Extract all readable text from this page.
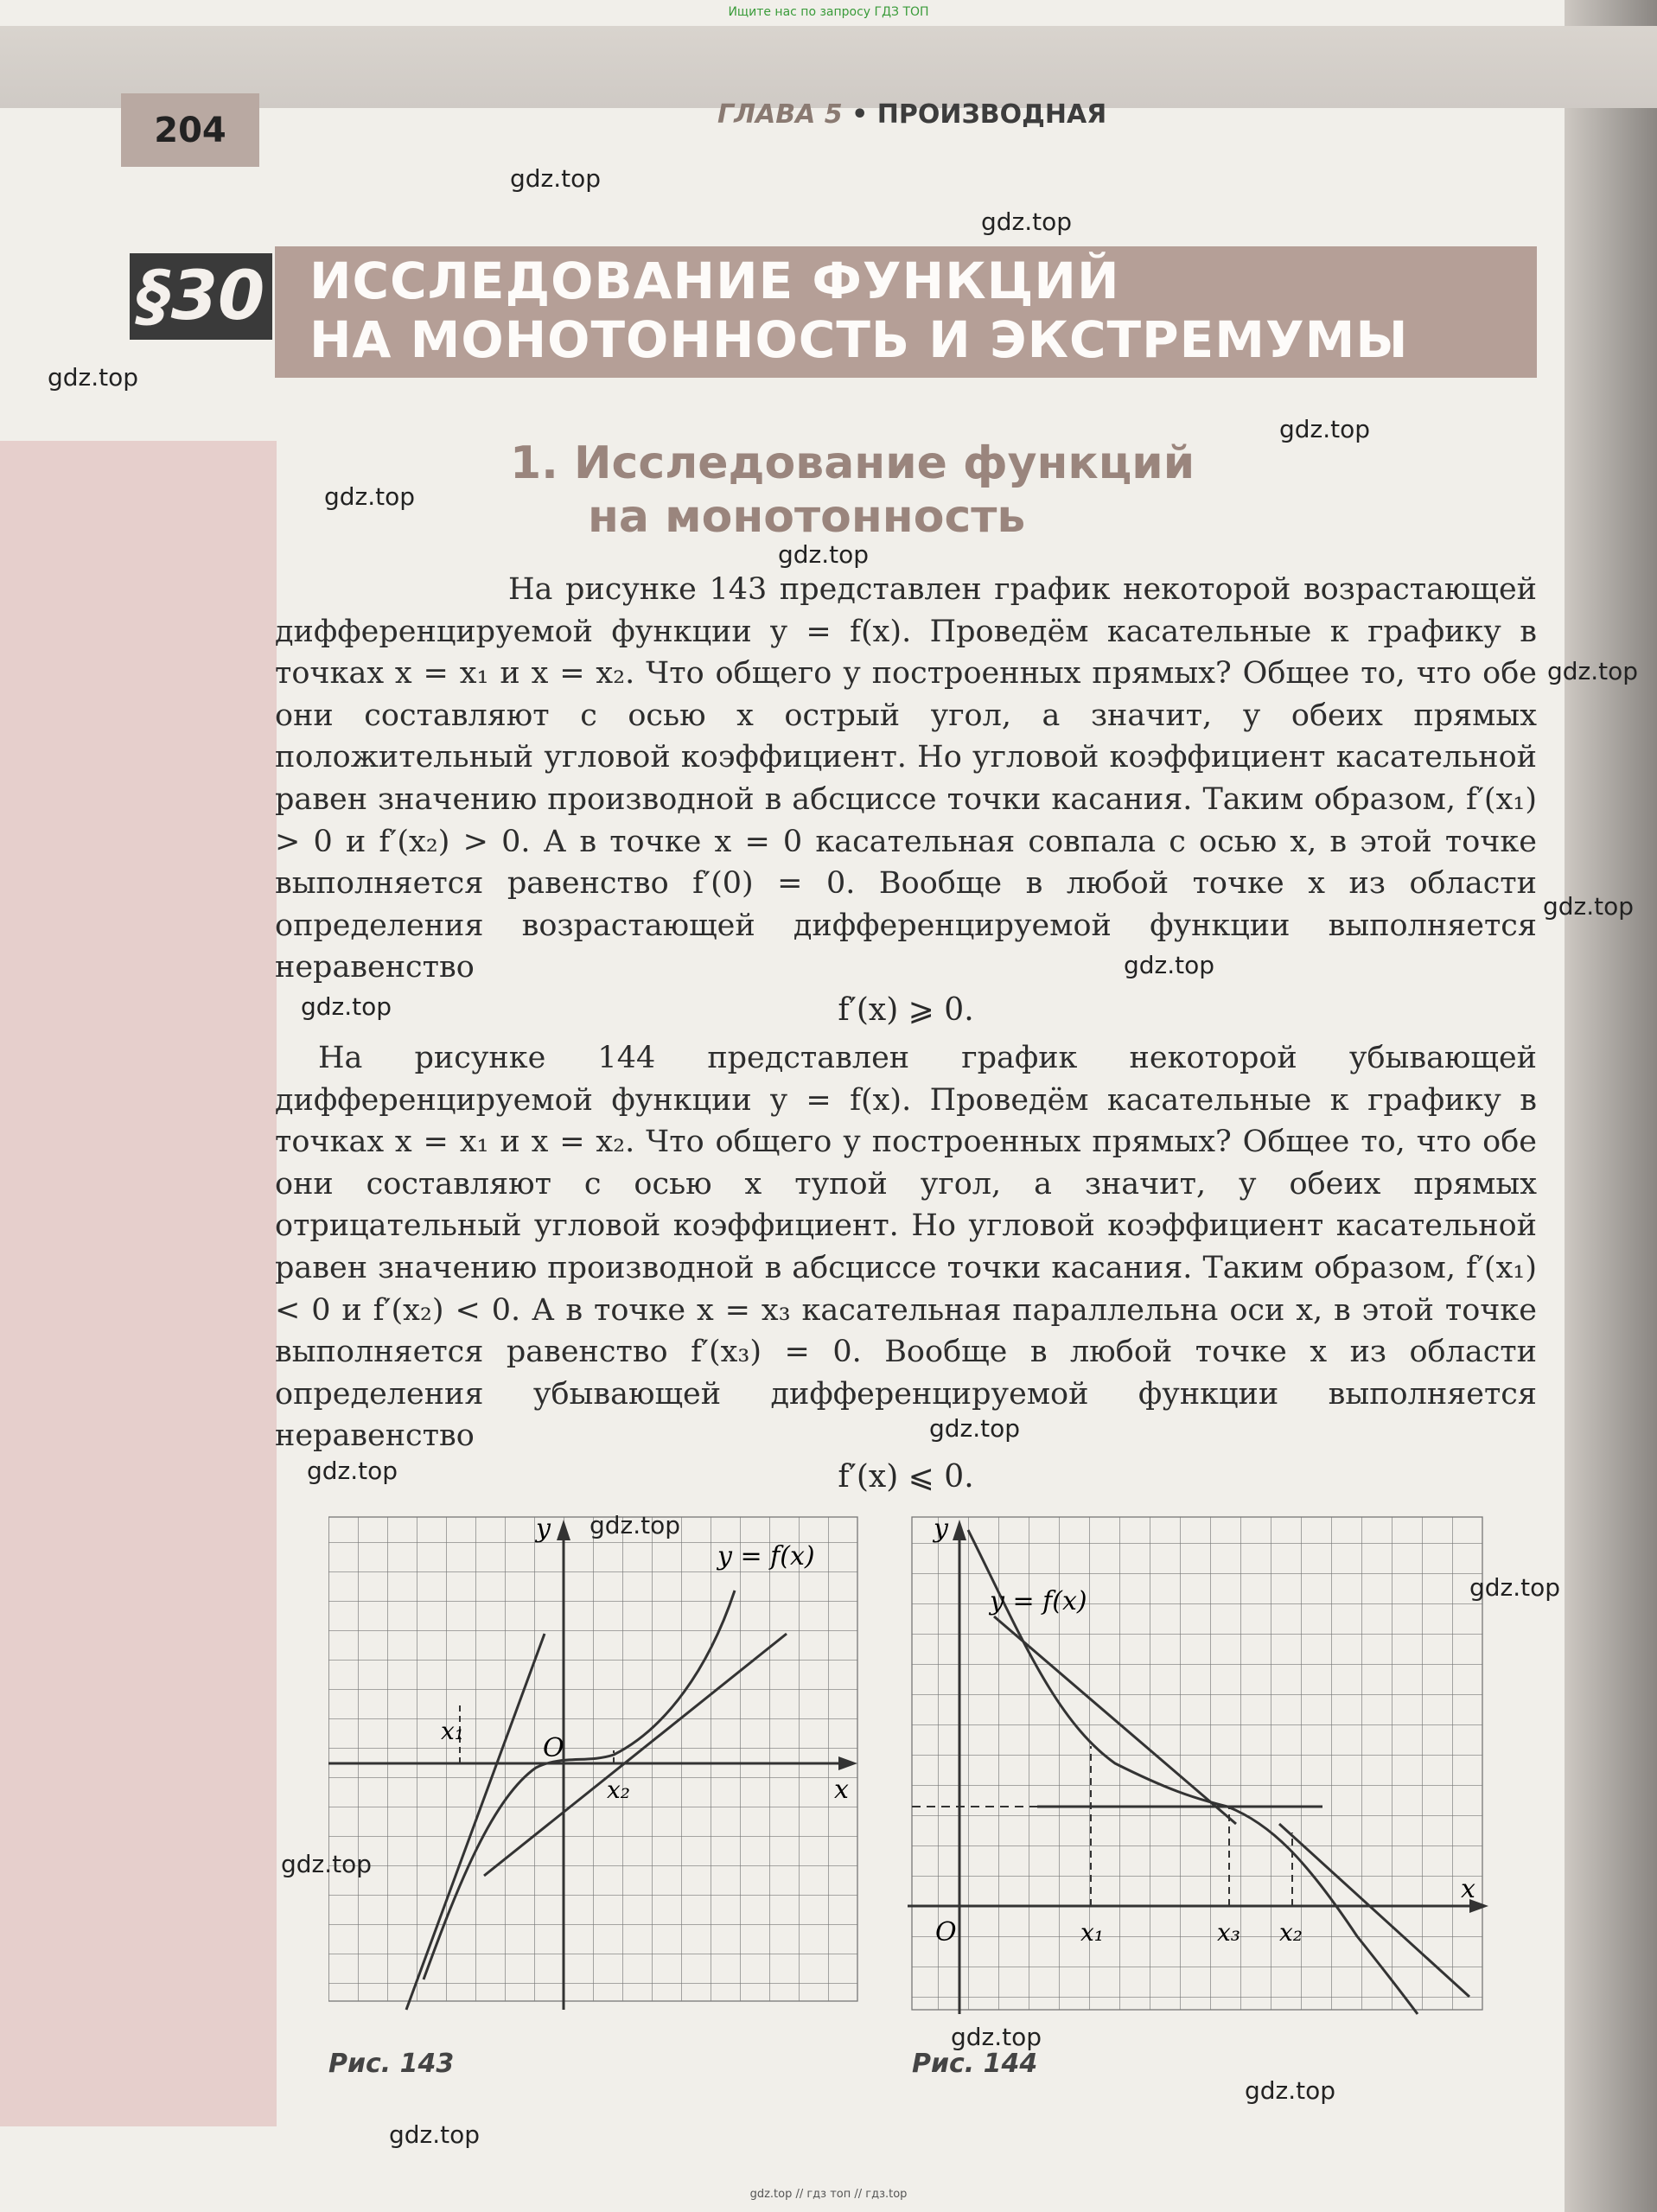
Ищите нас по запросу ГДЗ ТОП
204	ГЛАВА 5 • ПРОИЗВОДНАЯ
§30 ИССЛЕДОВАНИЕ ФУНКЦИЙ
НА МОНОТОННОСТЬ И ЭКСТРЕМУМЫ
1. Исследование функций
на монотонность
На рисунке 143 представлен график некоторой возрастающей дифференцируемой функции y = f(x). Проведём касательные к графику в точках x = x₁ и x = x₂. Что общего у построенных прямых? Общее то, что обе они составляют с осью x острый угол, а значит, у обеих прямых положительный угловой коэффициент. Но угловой коэффициент касательной равен значению производной в абсциссе точки касания. Таким образом, f′(x₁) > 0 и f′(x₂) > 0. А в точке x = 0 касательная совпала с осью x, в этой точке выполняется равенство f′(0) = 0. Вообще в любой точке x из области определения возрастающей дифференцируемой функции выполняется неравенство
f′(x) ⩾ 0.
На рисунке 144 представлен график некоторой убывающей дифференцируемой функции y = f(x). Проведём касательные к графику в точках x = x₁ и x = x₂. Что общего у построенных прямых? Общее то, что обе они составляют с осью x тупой угол, а значит, у обеих прямых отрицательный угловой коэффициент. Но угловой коэффициент касательной равен значению производной в абсциссе точки касания. Таким образом, f′(x₁) < 0 и f′(x₂) < 0. А в точке x = x₃ касательная параллельна оси x, в этой точке выполняется равенство f′(x₃) = 0. Вообще в любой точке x из области определения убывающей дифференцируемой функции выполняется неравенство
f′(x) ⩽ 0.
y
x
O
x₁
x₂
y = f(x)
Рис. 143
y
x
O	x₁	x₃ x₂
y = f(x)
Рис. 144
gdz.top
gdz.top
gdz.top
gdz.top
gdz.top
gdz.top
gdz.top
gdz.top
gdz.top
gdz.top
gdz.top
gdz.top
gdz.top
gdz.top
gdz.top
gdz.top
gdz.top
gdz.top
gdz.top // гдз топ // гдз.top
